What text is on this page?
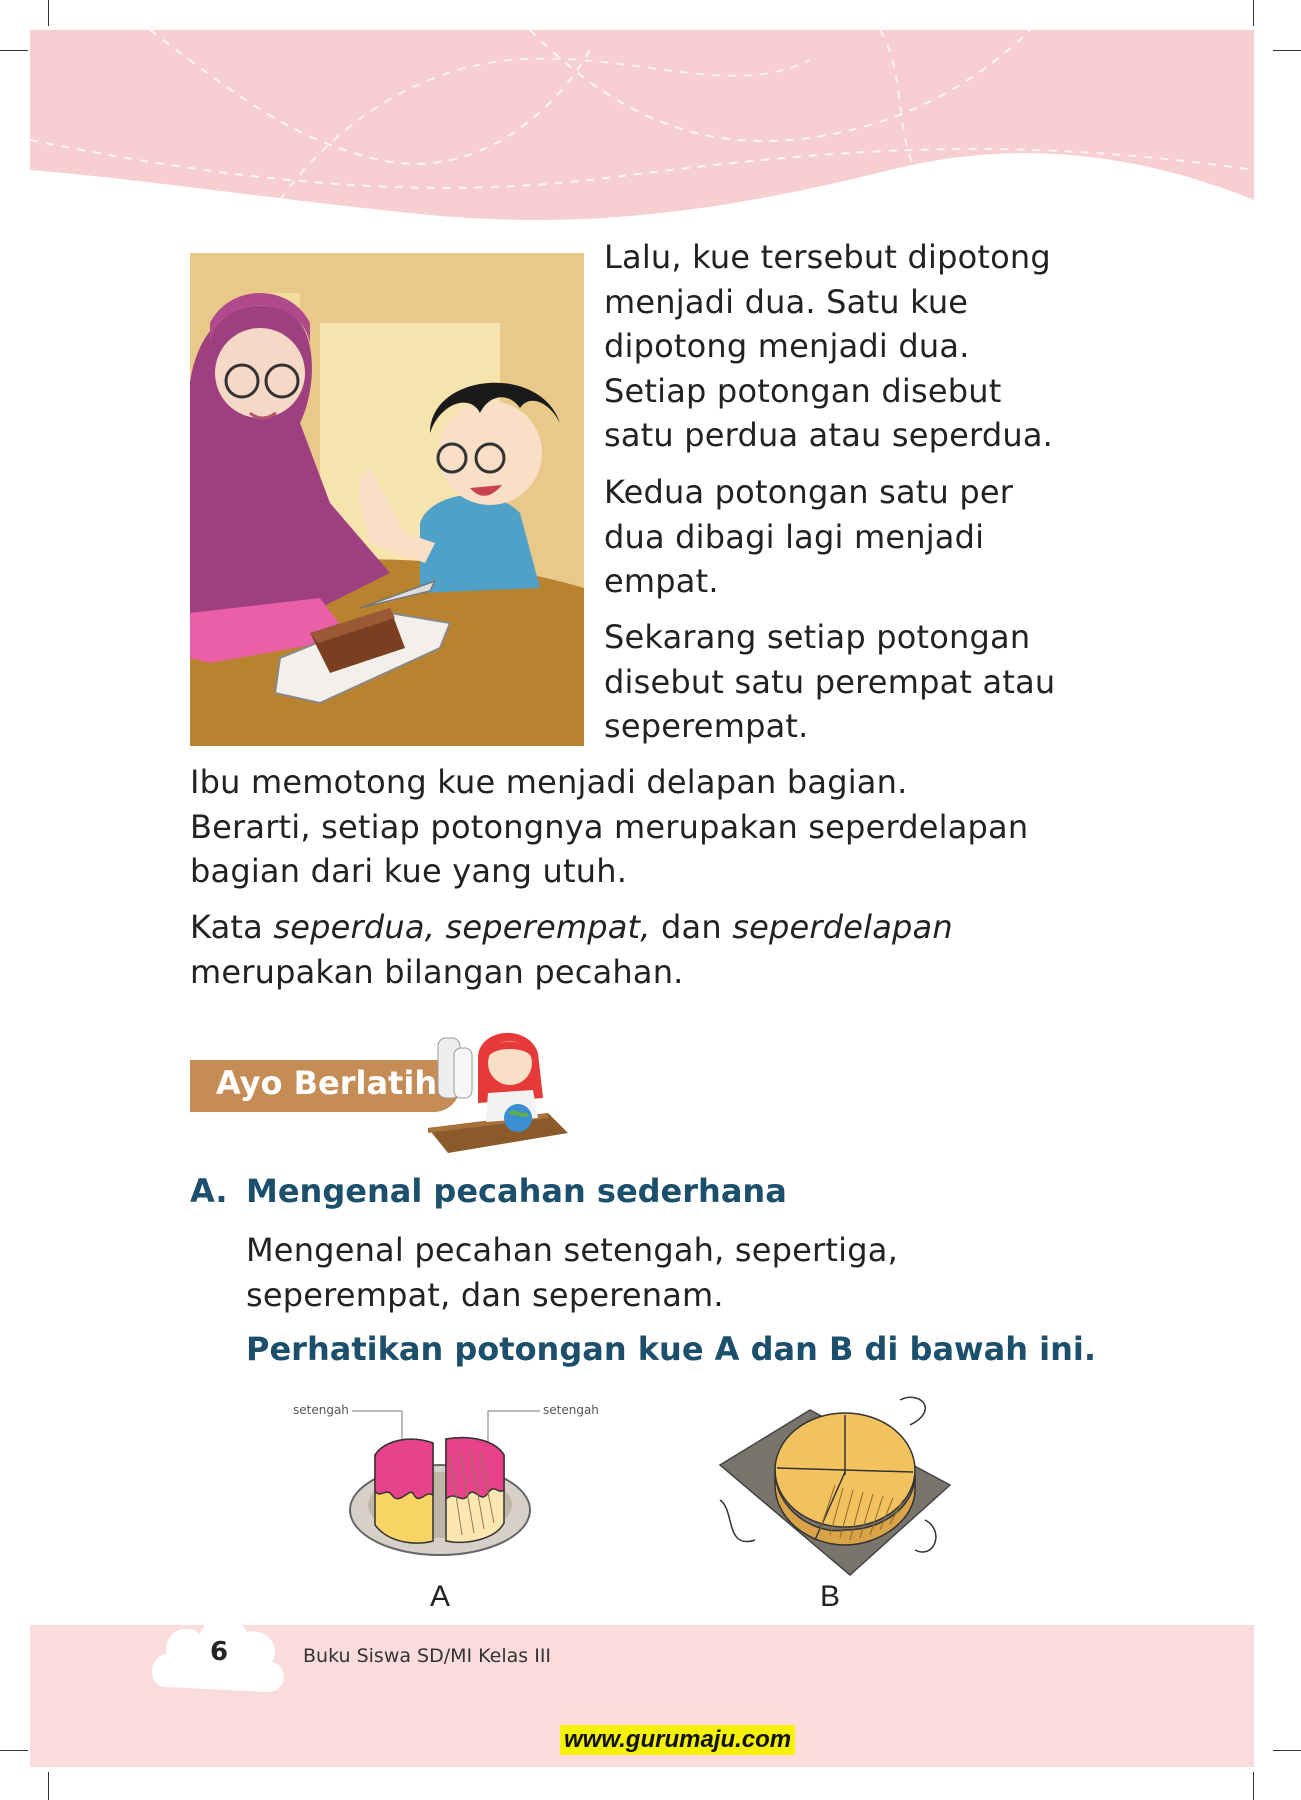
Lalu, kue tersebut dipotong
menjadi dua. Satu kue
dipotong menjadi dua.
Setiap potongan disebut
satu perdua atau seperdua.

Kedua potongan satu per
dua dibagi lagi menjadi
empat.

Sekarang setiap potongan
disebut satu perempat atau
seperempat.

Ibu memotong kue menjadi delapan bagian.
Berarti, setiap potongnya merupakan seperdelapan
bagian dari kue yang utuh.

Kata seperdua, seperempat, dan seperdelapan
merupakan bilangan pecahan.

Ayo Berlatih
A. Mengenal pecahan sederhana

Mengenal pecahan setengah, sepertiga,
seperempat, dan seperenam.

Perhatikan potongan kue A dan B di bawah ini.
setengah	setengah
A	B
6	Buku Siswa SD/MI Kelas III
www.gurumaju.com
